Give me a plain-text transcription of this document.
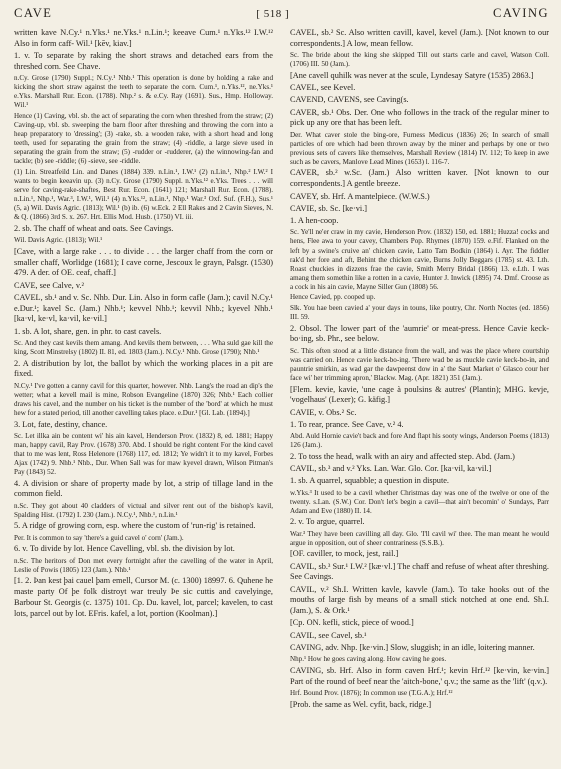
CAVE	[ 518 ]	CAVING

written kave N.Cy.¹ n.Yks.¹ ne.Yks.¹ n.Lin.¹; keeave Cum.¹ n.Yks.¹² I.W.¹² Also in form caff- Wil.¹ [kēv, kiav.]

1. v. To separate by raking the short straws and detached ears from the threshed corn. See Chave.

n.Cy. Grose (1790) Suppl.; N.Cy.¹ Nhb.¹ This operation is done by holding a rake and kicking the short straw against the teeth to separate the corn. Cum.¹, n.Yks.¹², ne.Yks.¹ e.Yks. Marshall Rur. Econ. (1788). Nhp.² s. & e.Cy. Ray (1691). Sus., Hmp. Holloway. Wil.¹

Hence (1) Caving, vbl. sb. the act of separating the corn when threshed from the straw; (2) Caving-up, vbl. sb. sweeping the barn floor after threshing and throwing the corn into a heap preparatory to 'dressing'; (3) -rake, sb. a wooden rake, with a short head and long teeth, used for separating the grain from the straw; (4) -riddle, a large sieve used in separating the grain from the straw; (5) -rudder or -rudderer, (a) the winnowing-fan and tackle; (b) see -riddle; (6) -sieve, see -riddle.

(1) Lin. Streatfeild Lin. and Danes (1884) 339. n.Lin.¹, I.W.¹ (2) n.Lin.¹, Nhp.² I.W.² I wants to begin keeavin up. (3) n.Cy. Grose (1790) Suppl. n.Yks.¹² e.Yks. Trees . . . will serve for caving-rake-shaftes, Best Rur. Econ. (1641) 121; Marshall Rur. Econ. (1788). n.Lin.¹, Nhp.¹, War.³, I.W.¹, Wil.¹ (4) n.Yks.¹², n.Lin.¹, Nhp.¹ War.³ Oxf. Suf. (F.H.), Sus.¹ (5, a) Wil. Davis Agric. (1813); Wil.¹ (b) ib. (6) w.Eck. 2 Ell Rakes and 2 Cavin Sieves, N. & Q. (1866) 3rd S. x. 267. Hrt. Ellis Mod. Husb. (1750) VI. iii.

2. sb. The chaff of wheat and oats. See Cavings.

Wil. Davis Agric. (1813); Wil.¹

[Cave, with a large rake . . . to divide . . . the larger chaff from the corn or smaller chaff, Worlidge (1681); I cave corne, Jescoux le grayn, Palsgr. (1530) 479. A der. of OE. ceaf, chaff.]

CAVE, see Calve, v.²

CAVEL, sb.¹ and v. Sc. Nhb. Dur. Lin. Also in form cafle (Jam.); cavil N.Cy.¹ e.Dur.¹; kavel Sc. (Jam.) Nhb.¹; kevvel Nhb.¹; kevvil Nhb.; kyevel Nhb.¹ [ka·vl, ke·vl, ka·vil, ke·vil.]

1. sb. A lot, share, gen. in phr. to cast cavels.

Sc. And they cast kevils them amang. And kevils them between, . . . Wha suld gae kill the king, Scott Minstrelsy (1802) II. 81, ed. 1803 (Jam.). N.Cy.¹ Nhb. Grose (1790); Nhb.¹

2. A distribution by lot, the ballot by which the working places in a pit are fixed.

N.Cy.¹ I've gotten a canny cavil for this quarter, however. Nhb. Lang's the road an dip's the wetter; what a kevell mail is mine, Robson Evangeline (1870) 326; Nhb.¹ Each collier draws his cavel, and the number on his ticket is the number of the 'bord' at which he must hew for a stated period, till another cavelling takes place. e.Dur.¹ [Gl. Lab. (1894).]

3. Lot, fate, destiny, chance.

Sc. Let illka ain be content wi' his ain kavel, Henderson Prov. (1832) 8, ed. 1881; Happy man, happy cavil, Ray Prov. (1678) 370. Abd. I should be right content For the kind cavel that to me was lent, Ross Helenore (1768) 117, ed. 1812; Ye widn't it to my kavel, Forbes Ajax (1742) 9. Nhb.¹ Nhb., Dur. When Sall was for maw kyevel drawn, Wilson Pitman's Pay (1843) 52.

4. A division or share of property made by lot, a strip of tillage land in the common field.

n.Sc. They got about 40 cladders of victual and silver rent out of the bishop's kavil, Spalding Hist. (1792) I. 230 (Jam.). N.Cy.¹, Nhb.¹, n.Lin.¹

5. A ridge of growing corn, esp. where the custom of 'run-rig' is retained.

Per. It is common to say 'there's a guid cavel o' corn' (Jam.).

6. v. To divide by lot. Hence Cavelling, vbl. sb. the division by lot.

n.Sc. The heritors of Don met every fortnight after the cavelling of the water in April, Leslie of Powis (1805) 123 (Jam.). Nhb.¹

[1. 2. Þan kest þai cauel þam emell, Cursor M. (c. 1300) 18997. 6. Quhene he maste party Of þe folk distroyt war treuly Þe sic cuttis and cavelyinge, Barbour St. Georgis (c. 1375) 101. Cp. Du. kavel, lot, parcel; kavelen, to cast lots, parcel out by lot. EFris. kafel, a lot, portion (Koolman).]

CAVEL, sb.² Sc. Also written cavill, kavel, kevel (Jam.). [Not known to our correspondents.] A low, mean fellow.

Sc. The bride about the king she skipped Till out starts carle and cavel, Watson Coll. (1706) III. 50 (Jam.).

[Ane cavell quhilk was never at the scule, Lyndesay Satyre (1535) 2863.]

CAVEL, see Kevel.

CAVEND, CAVENS, see Caving(s.

CAVER, sb.¹ Obs. Der. One who follows in the track of the regular miner to pick up any ore that has been left.

Der. What caver stole the bing-ore, Furness Medicus (1836) 26; In search of small particles of ore which had been thrown away by the miner and perhaps by one or two previous sets of cavers like themselves, Marshall Review (1814) IV. 112; To keep in awe such as be cavers, Manlove Lead Mines (1653) l. 116-7.

CAVER, sb.² w.Sc. (Jam.) Also written kaver. [Not known to our correspondents.] A gentle breeze.

CAVEY, sb. Hrf. A mantelpiece. (W.W.S.)

CAVIE, sb. Sc. [ke·vi.]

1. A hen-coop.

Sc. Ye'll ne'er craw in my cavie, Henderson Prov. (1832) 150, ed. 1881; Huzza! cocks and hens, Flee awa to your cavey, Chambers Pop. Rhymes (1870) 159. e.Fif. Flanked on the left by a swine's cruive an' chicken cavie, Latto Tam Bodkin (1864) i. Ayr. The fiddler rak'd her fore and aft, Behint the chicken cavie, Burns Jolly Beggars (1785) st. 43. Lth. Roast chuckies in dizzens frae the cavie, Smith Merry Bridal (1866) 13. e.Lth. I was amang them somethin like a rotten in a cavie, Hunter J. Inwick (1895) 74. Dmf. Croose as a cock in his ain cavie, Mayne Siller Gun (1808) 56.

Hence Cavied, pp. cooped up.

Slk. You hae been cavied a' your days in touns, like poutry, Chr. North Noctes (ed. 1856) III. 59.

2. Obsol. The lower part of the 'aumrie' or meat-press. Hence Cavie keck-bo·ing, sb. Phr., see below.

Sc. This often stood at a little distance from the wall, and was the place where courtship was carried on. Hence cavie keck-bo-ing. 'There wad be as muckle cavie keck-bo-in, and pauntrie smirkin, as wad gar the dawpeenst dow in a' the Saut Market o' Glasco cour her face wi' her trimming apron,' Blackw. Mag. (Apr. 1821) 351 (Jam.).

[Flem. kevie, kavie, 'une cage à poulsins & autres' (Plantin); MHG. kevje, 'vogelhaus' (Lexer); G. käfig.]

CAVIE, v. Obs.² Sc.

1. To rear, prance. See Cave, v.² 4.

Abd. Auld Hornie cavie't back and fore And flapt his sooty wings, Anderson Poems (1813) 126 (Jam.).

2. To toss the head, walk with an airy and affected step. Abd. (Jam.)

CAVIL, sb.³ and v.² Yks. Lan. War. Glo. Cor. [ka·vil, ka·vil.]

1. sb. A quarrel, squabble; a question in dispute.

w.Yks.³ It used to be a cavil whether Christmas day was one of the twelve or one of the twenty. s.Lan. (S.W.) Cor. Don't let's begin a cavil—that ain't becomin' o' Sundays, Parr Adam and Eve (1880) II. 14.

2. v. To argue, quarrel.

War.³ They have been cavilling all day. Glo. 'I'll cavil wi' thee. The man meant he would argue in opposition, out of sheer contrariness (S.S.B.).

[OF. caviller, to mock, jest, rail.]

CAVIL, sb.³ Sur.¹ I.W.² [kæ·vl.] The chaff and refuse of wheat after threshing. See Cavings.

CAVIL, v.² Sh.I. Written kavle, kavvle (Jam.). To take hooks out of the mouths of large fish by means of a small stick notched at one end. Sh.I. (Jam.), S. & Ork.¹

[Cp. ON. kefli, stick, piece of wood.]

CAVIL, see Cavel, sb.¹

CAVING, adv. Nhp. [ke·vin.] Slow, sluggish; in an idle, loitering manner.

Nhp.¹ How he goes caving along. How caving he goes.

CAVING, sb. Hrf. Also in form caven Hrf.¹; kevin Hrf.¹² [ke·vin, ke·vin.] Part of the round of beef near the 'aitch-bone,' q.v.; the same as the 'lift' (q.v.).

Hrf. Bound Prov. (1876); In common use (T.G.A.); Hrf.¹²

[Prob. the same as Wel. cyfit, back, ridge.]
